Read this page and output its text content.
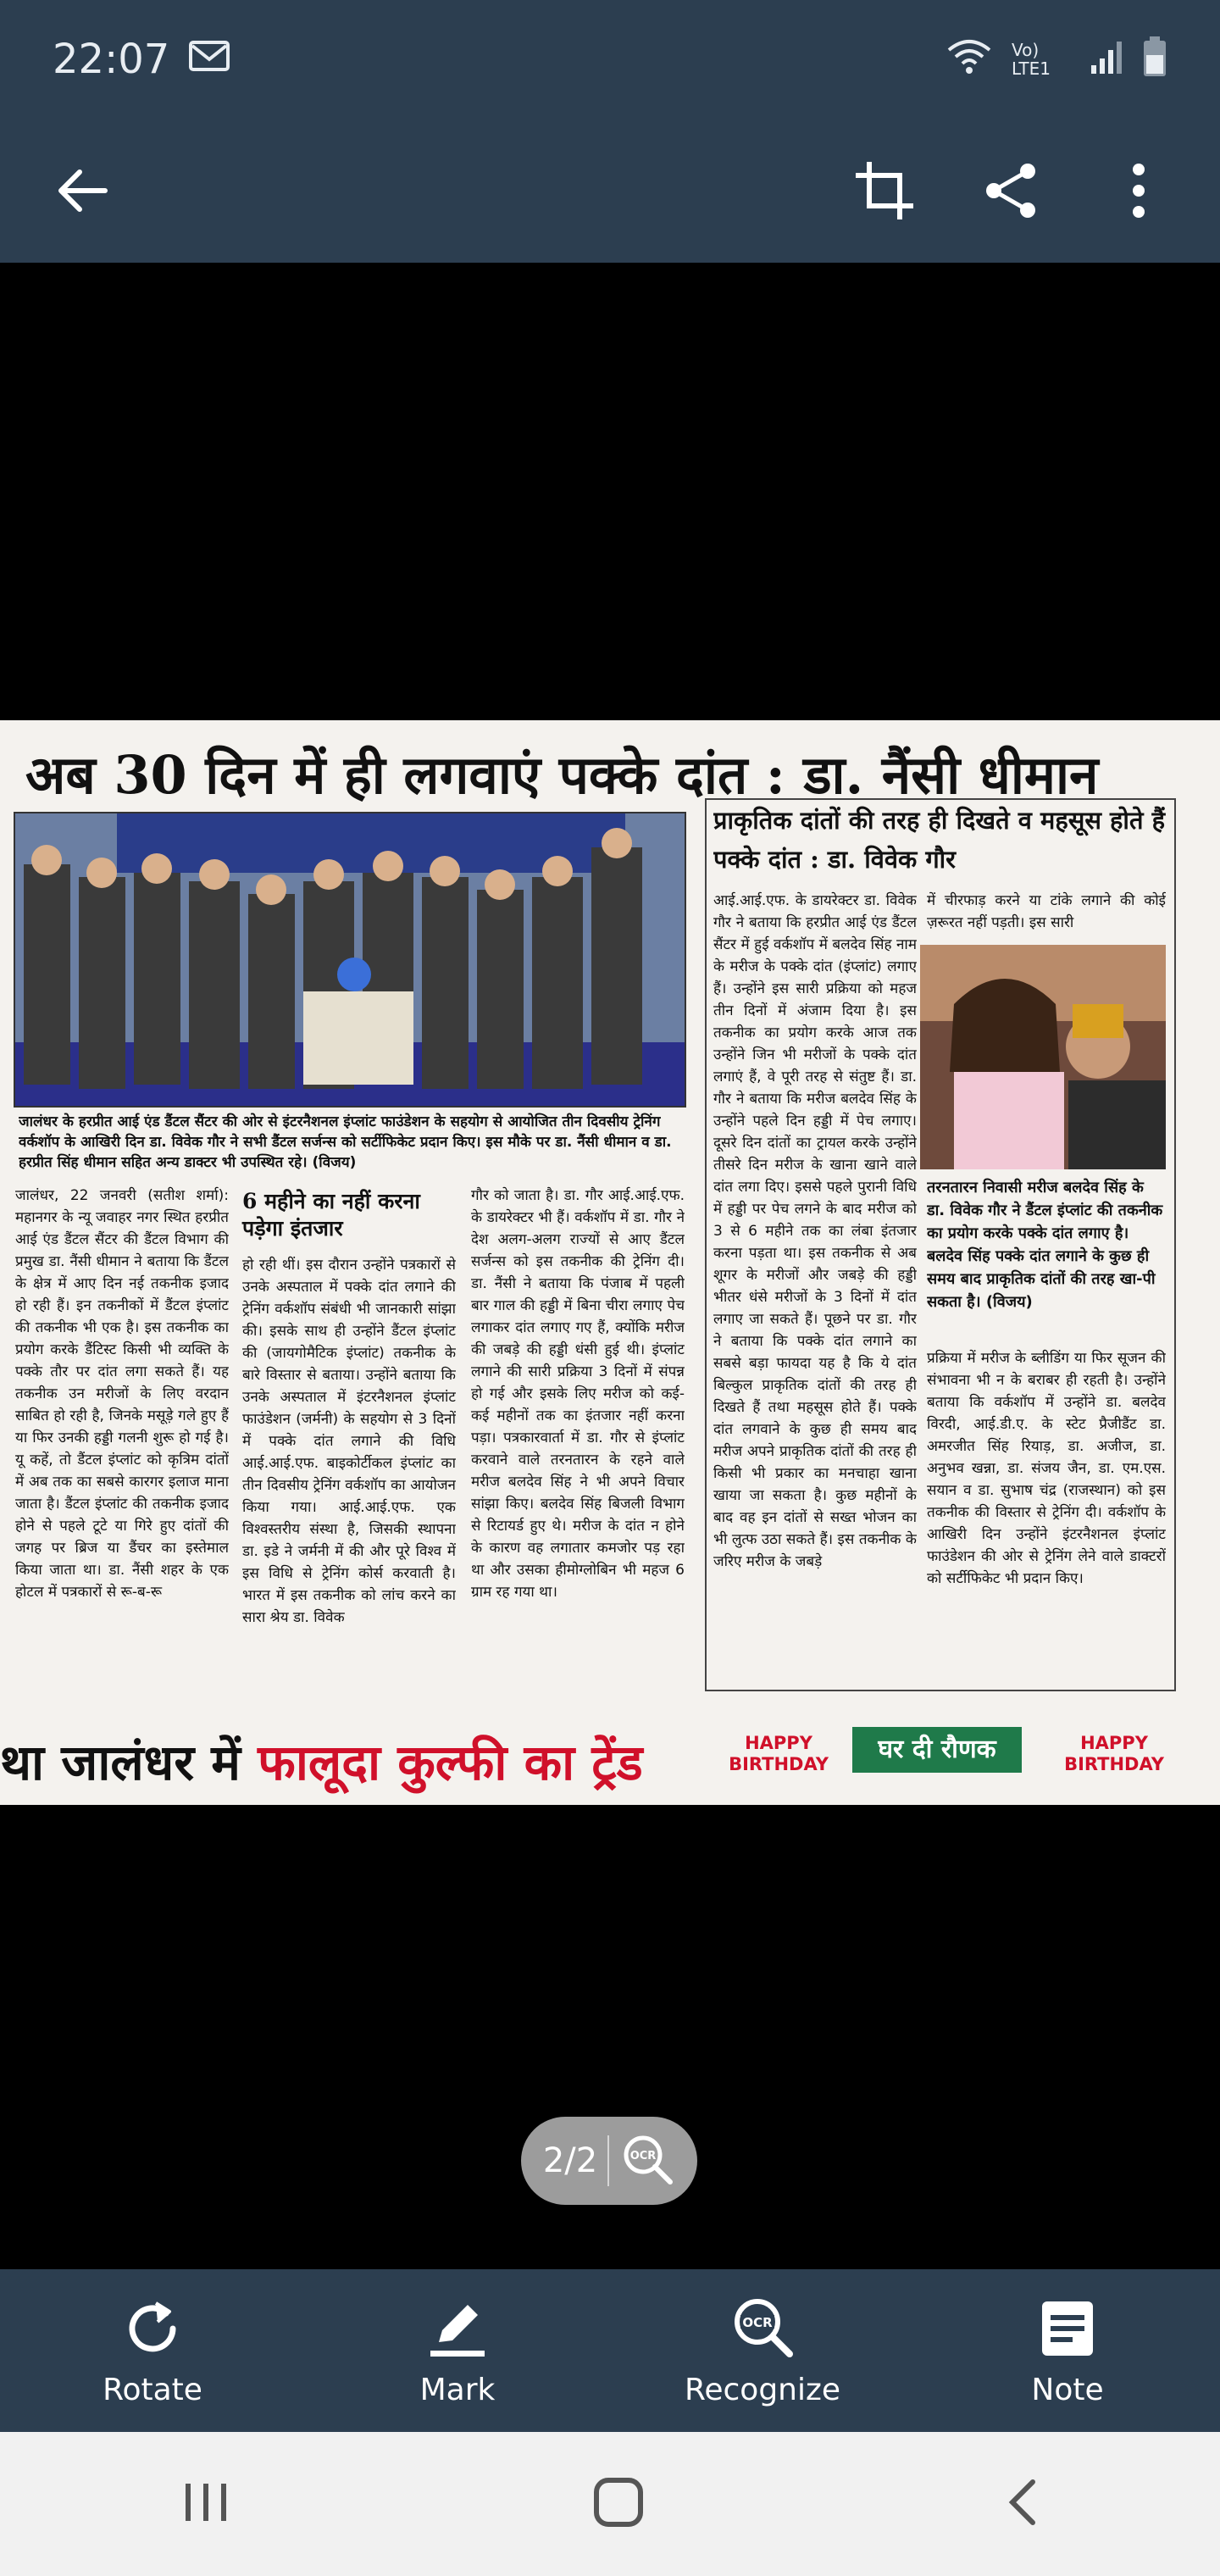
22:07	Vo) LTE1
अब 30 दिन में ही लगवाएं पक्के दांत : डा. नैंसी धीमान
जालंधर के हरप्रीत आई एंड डैंटल सैंटर की ओर से इंटरनैशनल इंप्लांट फाउंडेशन के सहयोग से आयोजित तीन दिवसीय ट्रेनिंग वर्कशॉप के आखिरी दिन डा. विवेक गौर ने सभी डैंटल सर्जन्स को सर्टीफिकेट प्रदान किए। इस मौके पर डा. नैंसी धीमान व डा. हरप्रीत सिंह धीमान सहित अन्य डाक्टर भी उपस्थित रहे। (विजय)
जालंधर, 22 जनवरी (सतीश शर्मा): महानगर के न्यू जवाहर नगर स्थित हरप्रीत आई एंड डैंटल सैंटर की डैंटल विभाग की प्रमुख डा. नैंसी धीमान ने बताया कि डैंटल के क्षेत्र में आए दिन नई तकनीक इजाद हो रही हैं। इन तकनीकों में डैंटल इंप्लांट की तकनीक भी एक है। इस तकनीक का प्रयोग करके डैंटिस्ट किसी भी व्यक्ति के पक्के तौर पर दांत लगा सकते हैं। यह तकनीक उन मरीजों के लिए वरदान साबित हो रही है, जिनके मसूड़े गले हुए हैं या फिर उनकी हड्डी गलनी शुरू हो गई है। यू कहें, तो डैंटल इंप्लांट को कृत्रिम दांतों में अब तक का सबसे कारगर इलाज माना जाता है। डैंटल इंप्लांट की तकनीक इजाद होने से पहले टूटे या गिरे हुए दांतों की जगह पर ब्रिज या डैंचर का इस्तेमाल किया जाता था। डा. नैंसी शहर के एक होटल में पत्रकारों से रू-ब-रू
6 महीने का नहीं करना पड़ेगा इंतजार
हो रही थीं। इस दौरान उन्होंने पत्रकारों से उनके अस्पताल में पक्के दांत लगाने की ट्रेनिंग वर्कशॉप संबंधी भी जानकारी सांझा की। इसके साथ ही उन्होंने डैंटल इंप्लांट की (जायगोमैटिक इंप्लांट) तकनीक के बारे विस्तार से बताया। उन्होंने बताया कि उनके अस्पताल में इंटरनैशनल इंप्लांट फाउंडेशन (जर्मनी) के सहयोग से 3 दिनों में पक्के दांत लगाने की विधि आई.आई.एफ. बाइकोर्टीकल इंप्लांट का तीन दिवसीय ट्रेनिंग वर्कशॉप का आयोजन किया गया। आई.आई.एफ. एक विश्वस्तरीय संस्था है, जिसकी स्थापना डा. इडे ने जर्मनी में की और पूरे विश्व में इस विधि से ट्रेनिंग कोर्स करवाती है। भारत में इस तकनीक को लांच करने का सारा श्रेय डा. विवेक
गौर को जाता है। डा. गौर आई.आई.एफ. के डायरेक्टर भी हैं। वर्कशॉप में डा. गौर ने देश अलग-अलग राज्यों से आए डैंटल सर्जन्स को इस तकनीक की ट्रेनिंग दी। डा. नैंसी ने बताया कि पंजाब में पहली बार गाल की हड्डी में बिना चीरा लगाए पेच लगाकर दांत लगाए गए हैं, क्योंकि मरीज की जबड़े की हड्डी धंसी हुई थी। इंप्लांट लगाने की सारी प्रक्रिया 3 दिनों में संपन्न हो गई और इसके लिए मरीज को कई-कई महीनों तक का इंतजार नहीं करना पड़ा। पत्रकारवार्ता में डा. गौर से इंप्लांट करवाने वाले तरनतारन के रहने वाले मरीज बलदेव सिंह ने भी अपने विचार सांझा किए। बलदेव सिंह बिजली विभाग से रिटायर्ड हुए थे। मरीज के दांत न होने के कारण वह लगातार कमजोर पड़ रहा था और उसका हीमोग्लोबिन भी महज 6 ग्राम रह गया था।
प्राकृतिक दांतों की तरह ही दिखते व महसूस होते हैं पक्के दांत : डा. विवेक गौर
आई.आई.एफ. के डायरेक्टर डा. विवेक गौर ने बताया कि हरप्रीत आई एंड डैंटल सैंटर में हुई वर्कशॉप में बलदेव सिंह नाम के मरीज के पक्के दांत (इंप्लांट) लगाए हैं। उन्होंने इस सारी प्रक्रिया को महज तीन दिनों में अंजाम दिया है। इस तकनीक का प्रयोग करके आज तक उन्होंने जिन भी मरीजों के पक्के दांत लगाएं हैं, वे पूरी तरह से संतुष्ट हैं। डा. गौर ने बताया कि मरीज बलदेव सिंह के उन्होंने पहले दिन हड्डी में पेच लगाए। दूसरे दिन दांतों का ट्रायल करके उन्होंने तीसरे दिन मरीज के खाना खाने वाले दांत लगा दिए। इससे पहले पुरानी विधि में हड्डी पर पेच लगने के बाद मरीज को 3 से 6 महीने तक का लंबा इंतजार करना पड़ता था। इस तकनीक से अब शूगर के मरीजों और जबड़े की हड्डी भीतर धंसे मरीजों के 3 दिनों में दांत लगाए जा सकते हैं। पूछने पर डा. गौर ने बताया कि पक्के दांत लगाने का सबसे बड़ा फायदा यह है कि ये दांत बिल्कुल प्राकृतिक दांतों की तरह ही दिखते हैं तथा महसूस होते हैं। पक्के दांत लगवाने के कुछ ही समय बाद मरीज अपने प्राकृतिक दांतों की तरह ही किसी भी प्रकार का मनचाहा खाना खाया जा सकता है। कुछ महीनों के बाद वह इन दांतों से सख्त भोजन का भी लुत्फ उठा सकते हैं। इस तकनीक के जरिए मरीज के जबड़े
में चीरफाड़ करने या टांके लगाने की कोई ज़रूरत नहीं पड़ती। इस सारी
तरनतारन निवासी मरीज बलदेव सिंह के डा. विवेक गौर ने डैंटल इंप्लांट की तकनीक का प्रयोग करके पक्के दांत लगाए है। बलदेव सिंह पक्के दांत लगाने के कुछ ही समय बाद प्राकृतिक दांतों की तरह खा-पी सकता है। (विजय)
प्रक्रिया में मरीज के ब्लीडिंग या फिर सूजन की संभावना भी न के बराबर ही रहती है। उन्होंने बताया कि वर्कशॉप में उन्होंने डा. बलदेव विरदी, आई.डी.ए. के स्टेट प्रैजीडैंट डा. अमरजीत सिंह रियाड़, डा. अजीज, डा. अनुभव खन्ना, डा. संजय जैन, डा. एम.एस. सयान व डा. सुभाष चंद्र (राजस्थान) को इस तकनीक की विस्तार से ट्रेनिंग दी। वर्कशॉप के आखिरी दिन उन्होंने इंटरनैशनल इंप्लांट फाउंडेशन की ओर से ट्रेनिंग लेने वाले डाक्टरों को सर्टीफिकेट भी प्रदान किए।
था जालंधर में फालूदा कुल्फी का ट्रेंड	HAPPY BIRTHDAY	घर दी रौणक	HAPPY BIRTHDAY
2/2	OCR
Rotate	Mark
OCR
Recognize	Note
